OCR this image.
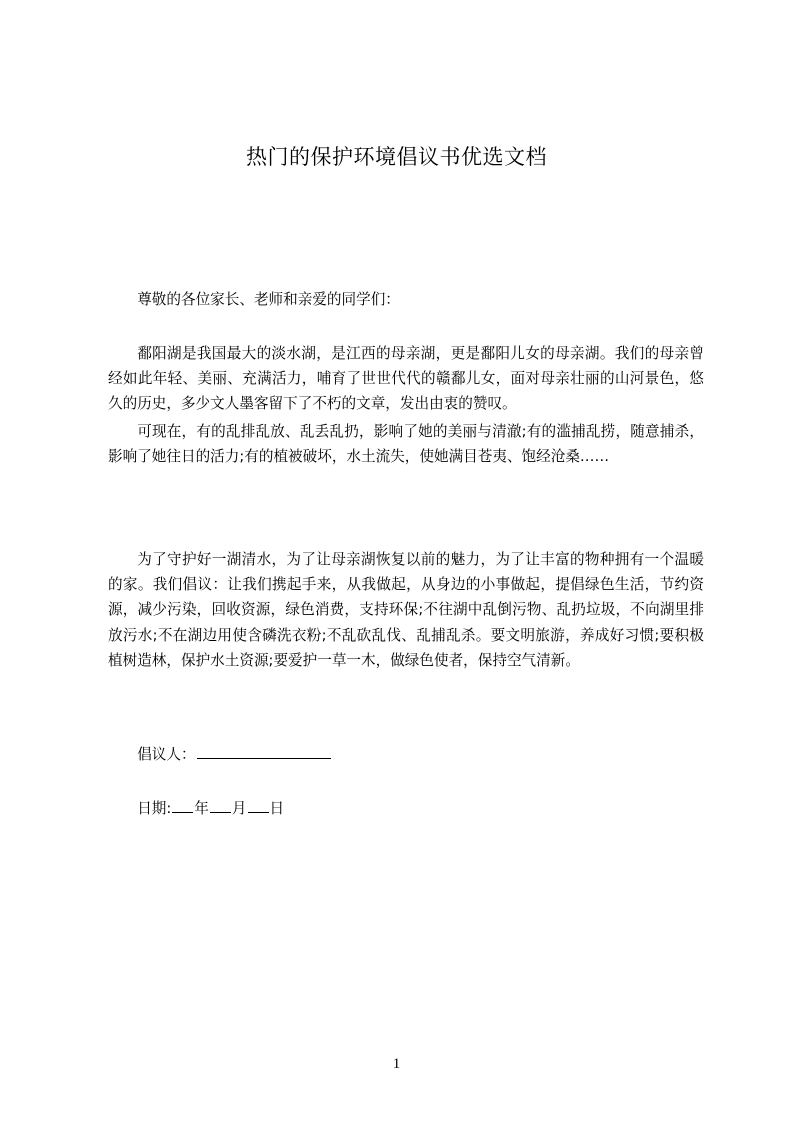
热门的保护环境倡议书优选文档

尊敬的各位家长、老师和亲爱的同学们：

鄱阳湖是我国最大的淡水湖，是江西的母亲湖，更是鄱阳儿女的母亲湖。我们的母亲曾经如此年轻、美丽、充满活力，哺育了世世代代的赣鄱儿女，面对母亲壮丽的山河景色，悠久的历史，多少文人墨客留下了不朽的文章，发出由衷的赞叹。

可现在，有的乱排乱放、乱丢乱扔，影响了她的美丽与清澈;有的滥捕乱捞，随意捕杀，影响了她往日的活力;有的植被破坏，水土流失，使她满目苍夷、饱经沧桑……

为了守护好一湖清水，为了让母亲湖恢复以前的魅力，为了让丰富的物种拥有一个温暖的家。我们倡议：让我们携起手来，从我做起，从身边的小事做起，提倡绿色生活，节约资源，减少污染，回收资源，绿色消费，支持环保;不往湖中乱倒污物、乱扔垃圾，不向湖里排放污水;不在湖边用使含磷洗衣粉;不乱砍乱伐、乱捕乱杀。要文明旅游，养成好习惯;要积极植树造林，保护水土资源;要爱护一草一木，做绿色使者，保持空气清新。

倡议人：
日期: 年 月 日
1
